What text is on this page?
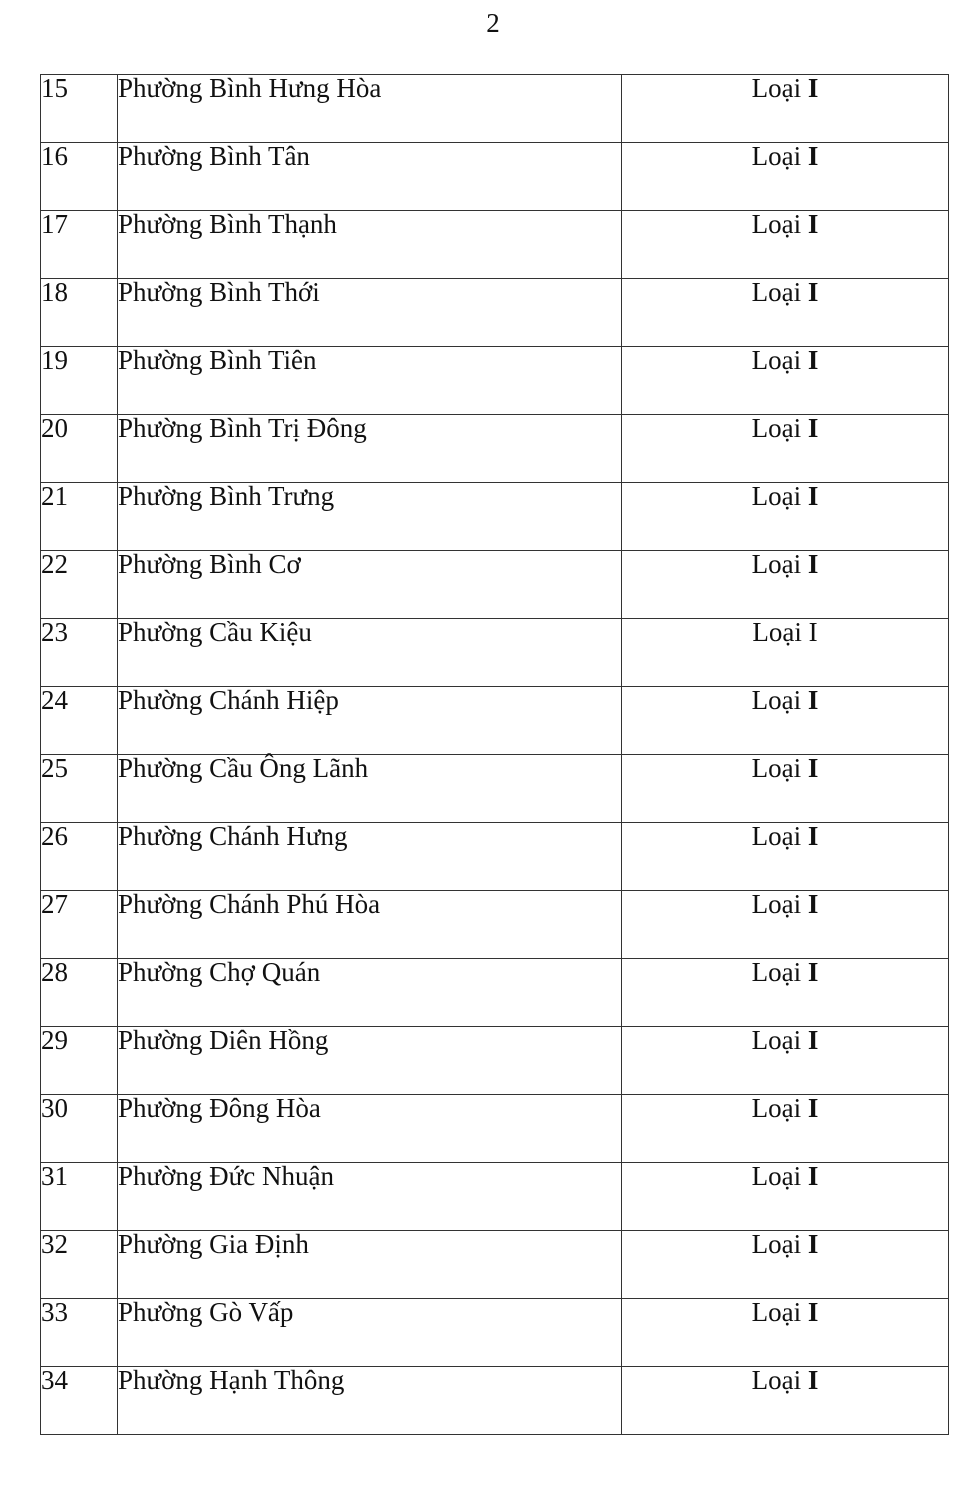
2
15	Phường Bình Hưng Hòa	Loại I
16	Phường Bình Tân	Loại I
17	Phường Bình Thạnh	Loại I
18	Phường Bình Thới	Loại I
19	Phường Bình Tiên	Loại I
20	Phường Bình Trị Đông	Loại I
21	Phường Bình Trưng	Loại I
22	Phường Bình Cơ	Loại I
23	Phường Cầu Kiệu	Loại I
24	Phường Chánh Hiệp	Loại I
25	Phường Cầu Ông Lãnh	Loại I
26	Phường Chánh Hưng	Loại I
27	Phường Chánh Phú Hòa	Loại I
28	Phường Chợ Quán	Loại I
29	Phường Diên Hồng	Loại I
30	Phường Đông Hòa	Loại I
31	Phường Đức Nhuận	Loại I
32	Phường Gia Định	Loại I
33	Phường Gò Vấp	Loại I
34	Phường Hạnh Thông	Loại I
